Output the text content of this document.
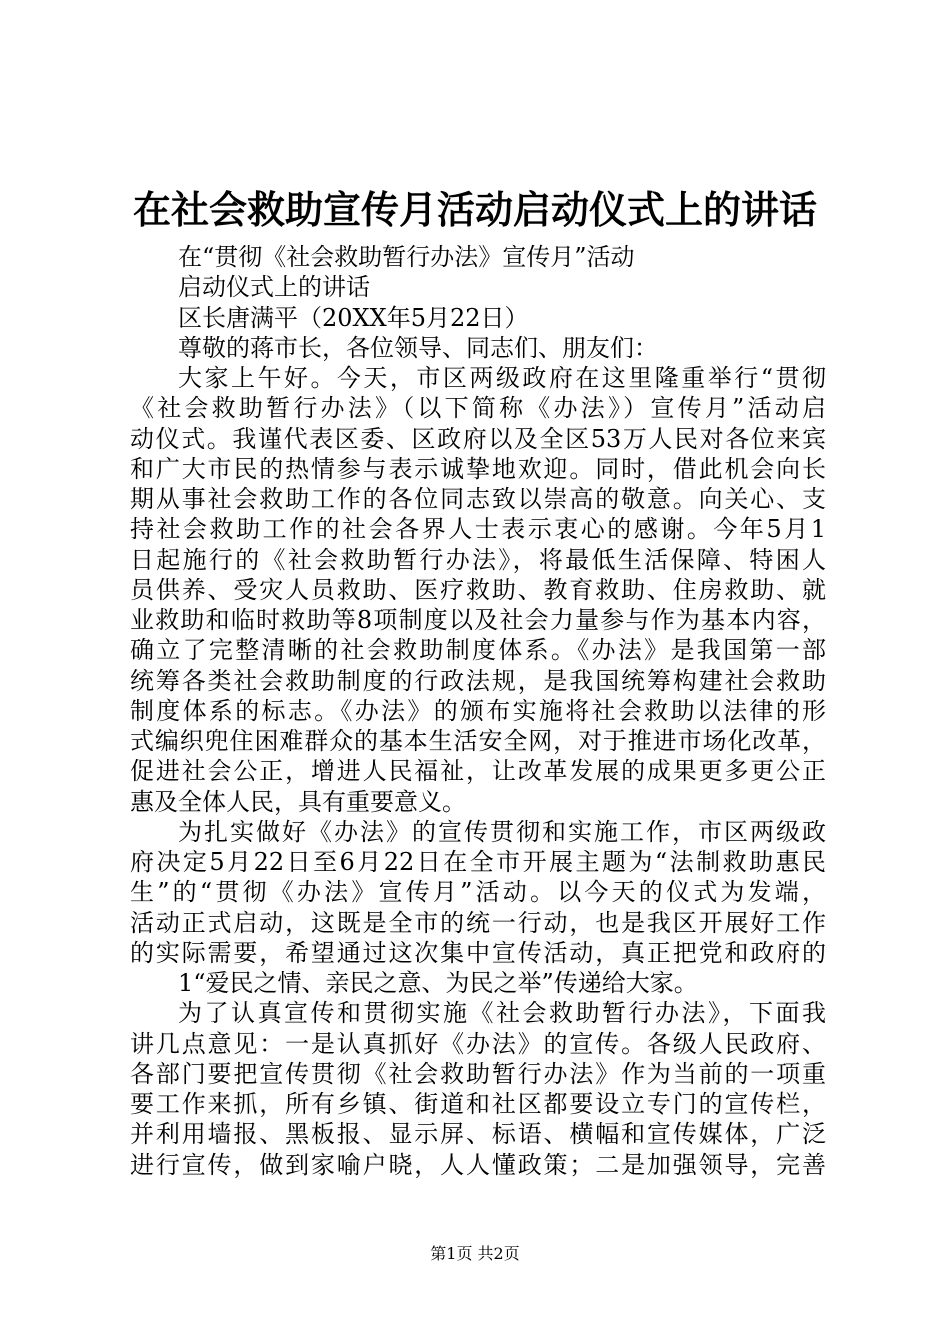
在社会救助宣传月活动启动仪式上的讲话
在“贯彻《社会救助暂行办法》宣传月”活动
启动仪式上的讲话
区长唐满平（20XX年5月22日）
尊敬的蒋市长，各位领导、同志们、朋友们：
大家上午好。今天，市区两级政府在这里隆重举行“贯彻
《社会救助暂行办法》（以下简称《办法》）宣传月”活动启
动仪式。我谨代表区委、区政府以及全区53万人民对各位来宾
和广大市民的热情参与表示诚挚地欢迎。同时，借此机会向长
期从事社会救助工作的各位同志致以崇高的敬意。向关心、支
持社会救助工作的社会各界人士表示衷心的感谢。今年5月1
日起施行的《社会救助暂行办法》，将最低生活保障、特困人
员供养、受灾人员救助、医疗救助、教育救助、住房救助、就
业救助和临时救助等8项制度以及社会力量参与作为基本内容，
确立了完整清晰的社会救助制度体系。《办法》是我国第一部
统筹各类社会救助制度的行政法规，是我国统筹构建社会救助
制度体系的标志。《办法》的颁布实施将社会救助以法律的形
式编织兜住困难群众的基本生活安全网，对于推进市场化改革，
促进社会公正，增进人民福祉，让改革发展的成果更多更公正
惠及全体人民，具有重要意义。
为扎实做好《办法》的宣传贯彻和实施工作，市区两级政
府决定5月22日至6月22日在全市开展主题为“法制救助惠民
生”的“贯彻《办法》宣传月”活动。以今天的仪式为发端，
活动正式启动，这既是全市的统一行动，也是我区开展好工作
的实际需要，希望通过这次集中宣传活动，真正把党和政府的
1“爱民之情、亲民之意、为民之举”传递给大家。
为了认真宣传和贯彻实施《社会救助暂行办法》，下面我
讲几点意见：一是认真抓好《办法》的宣传。各级人民政府、
各部门要把宣传贯彻《社会救助暂行办法》作为当前的一项重
要工作来抓，所有乡镇、街道和社区都要设立专门的宣传栏，
并利用墙报、黑板报、显示屏、标语、横幅和宣传媒体，广泛
进行宣传，做到家喻户晓，人人懂政策；二是加强领导，完善
第1页 共2页
